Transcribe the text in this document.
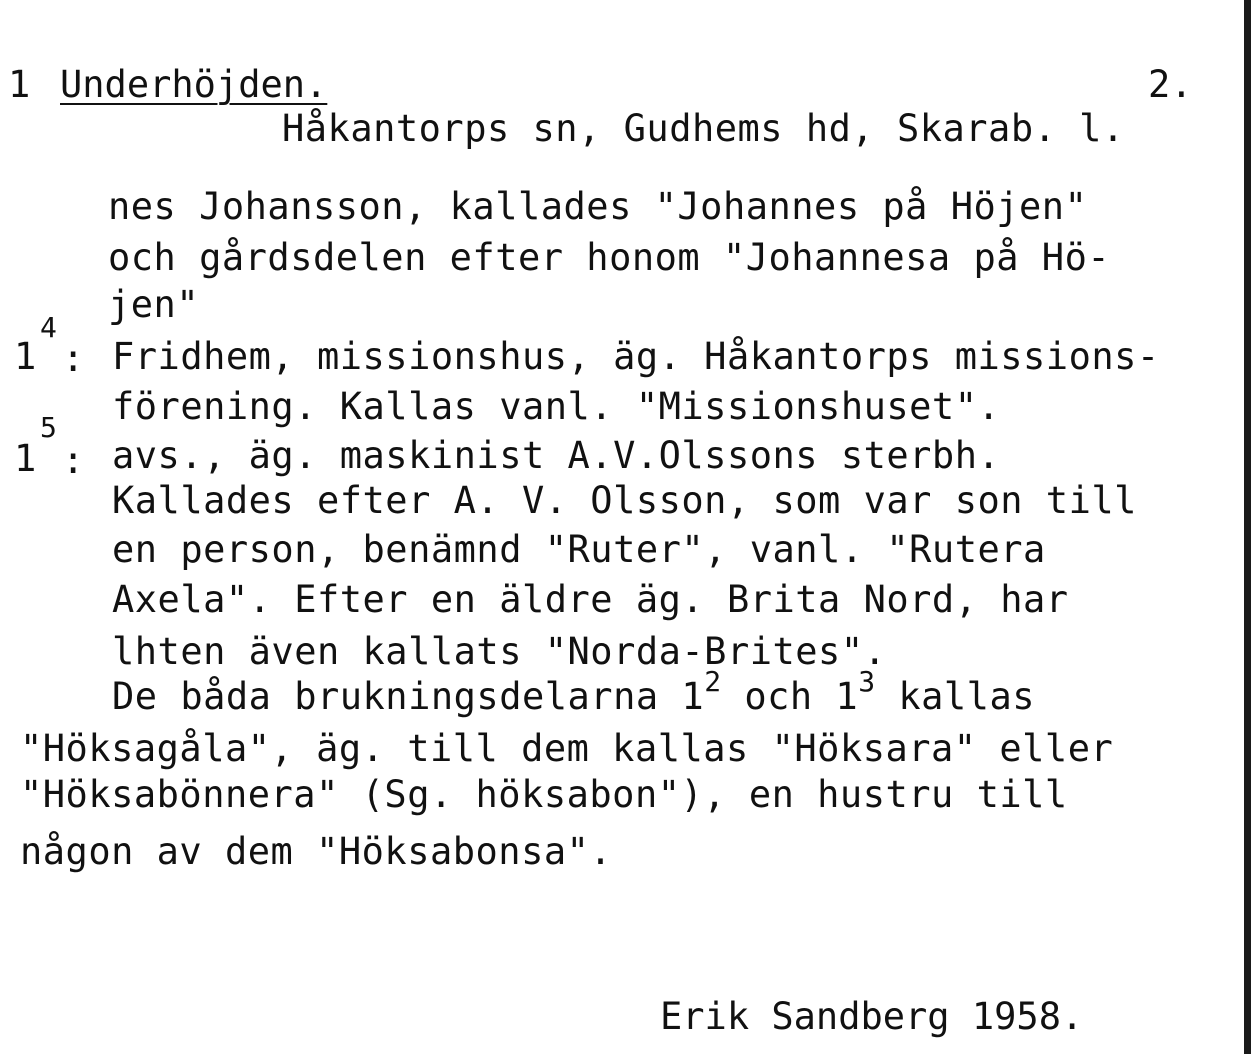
1 Underhöjden.	2.
Håkantorps sn, Gudhems hd, Skarab. l.
nes Johansson, kallades "Johannes på Höjen"
och gårdsdelen efter honom "Johannesa på Hö-
jen"
1
4
: Fridhem, missionshus, äg. Håkantorps missions-
förening. Kallas vanl. "Missionshuset".
1
5
: avs., äg. maskinist A.V.Olssons sterbh.
Kallades efter A. V. Olsson, som var son till
en person, benämnd "Ruter", vanl. "Rutera
Axela". Efter en äldre äg. Brita Nord, har
lhten även kallats "Norda-Brites".
De båda brukningsdelarna $1^2$ och $1^3$ kallas
"Höksagåla", äg. till dem kallas "Höksara" eller
"Höksabönnera" (Sg. höksabon"), en hustru till
någon av dem "Höksabonsa".
Erik Sandberg 1958.
